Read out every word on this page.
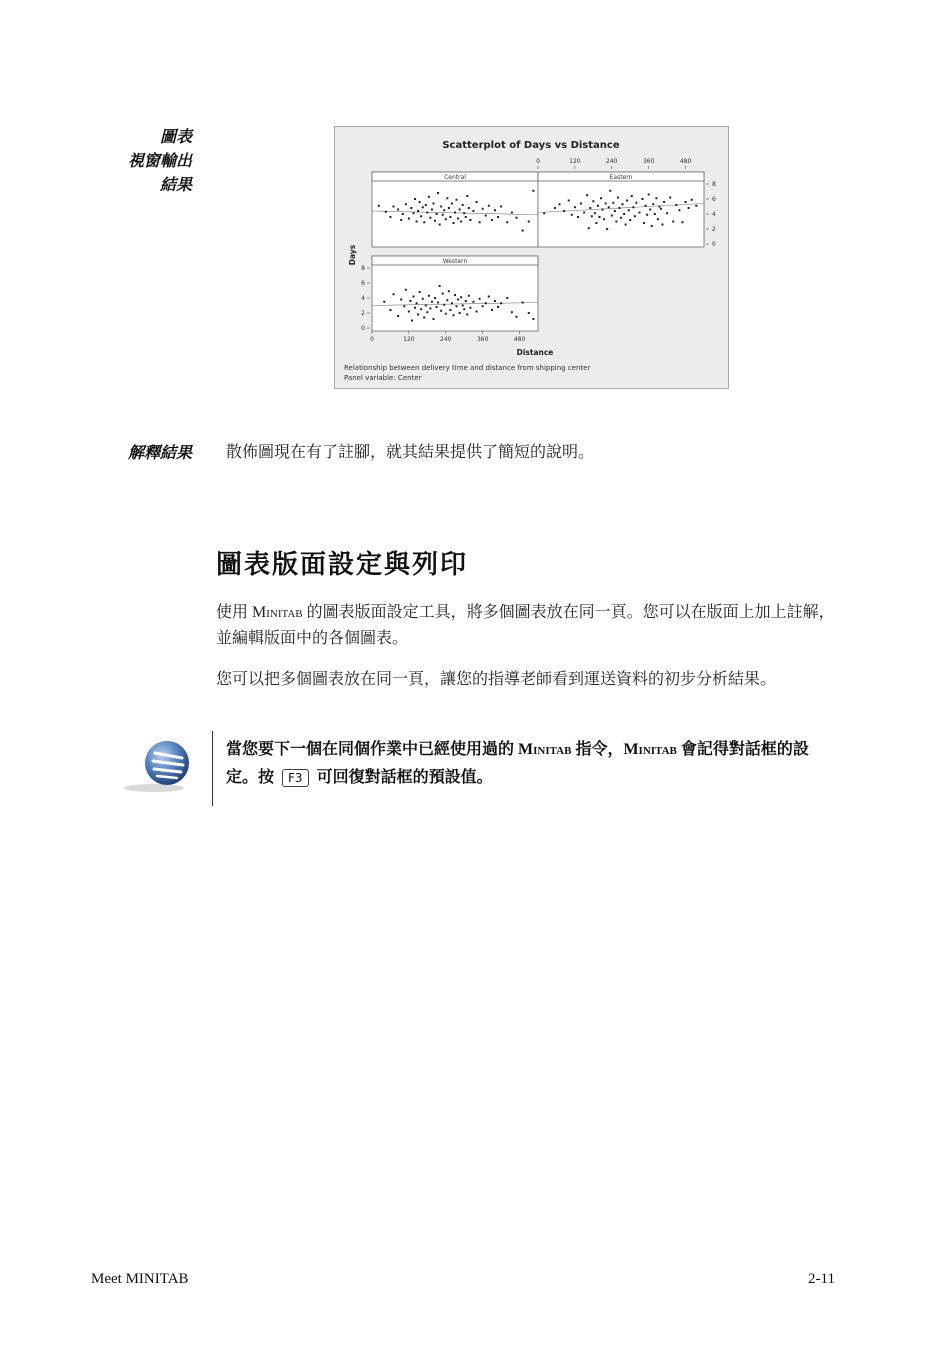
圖表
視窗輸出
結果
Scatterplot of Days vs Distance
Distance
Days
Relationship between delivery time and distance from shipping center
Panel variable: Center
Central	Eastern
Western
0	120	240	360	480
0	120	240	360	480
0
2
4
6
8
0
2
4
6
8
解釋結果 散佈圖現在有了註腳，就其結果提供了簡短的說明。
圖表版面設定與列印
使用 Minitab 的圖表版面設定工具，將多個圖表放在同一頁。您可以在版面上加上註解，並編輯版面中的各個圖表。
您可以把多個圖表放在同一頁，讓您的指導老師看到運送資料的初步分析結果。
當您要下一個在同個作業中已經使用過的 Minitab 指令，Minitab 會記得對話框的設定。按 F3 可回復對話框的預設值。
Meet MINITAB	2-11
